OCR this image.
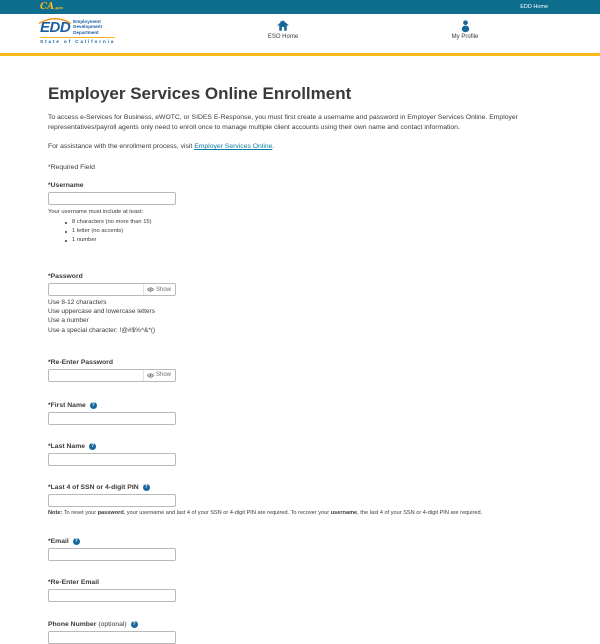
CA.gov	EDD Home
EDD Employment
Development
Department
State of California
ESO Home	My Profile
Employer Services Online Enrollment

To access e-Services for Business, eWOTC, or SIDES E-Response, you must first create a username and password in Employer Services Online. Employer representatives/payroll agents only need to enroll once to manage multiple client accounts using their own name and contact information.

For assistance with the enrollment process, visit Employer Services Online.

*Required Field
*Username
Your username must include at least:
8 characters (no more than 15)
1 letter (no accents)
1 number
*Password
Show
Use 8-12 characters
Use uppercase and lowercase letters
Use a number
Use a special character: !@#$%^&*()
*Re-Enter Password
Show
*First Name	?
*Last Name	?
*Last 4 of SSN or 4-digit PIN	?
Note: To reset your password, your username and last 4 of your SSN or 4-digit PIN are required. To recover your username, the last 4 of your SSN or 4-digit PIN are required.
*Email	?
*Re-Enter Email
Phone Number (optional)	?
